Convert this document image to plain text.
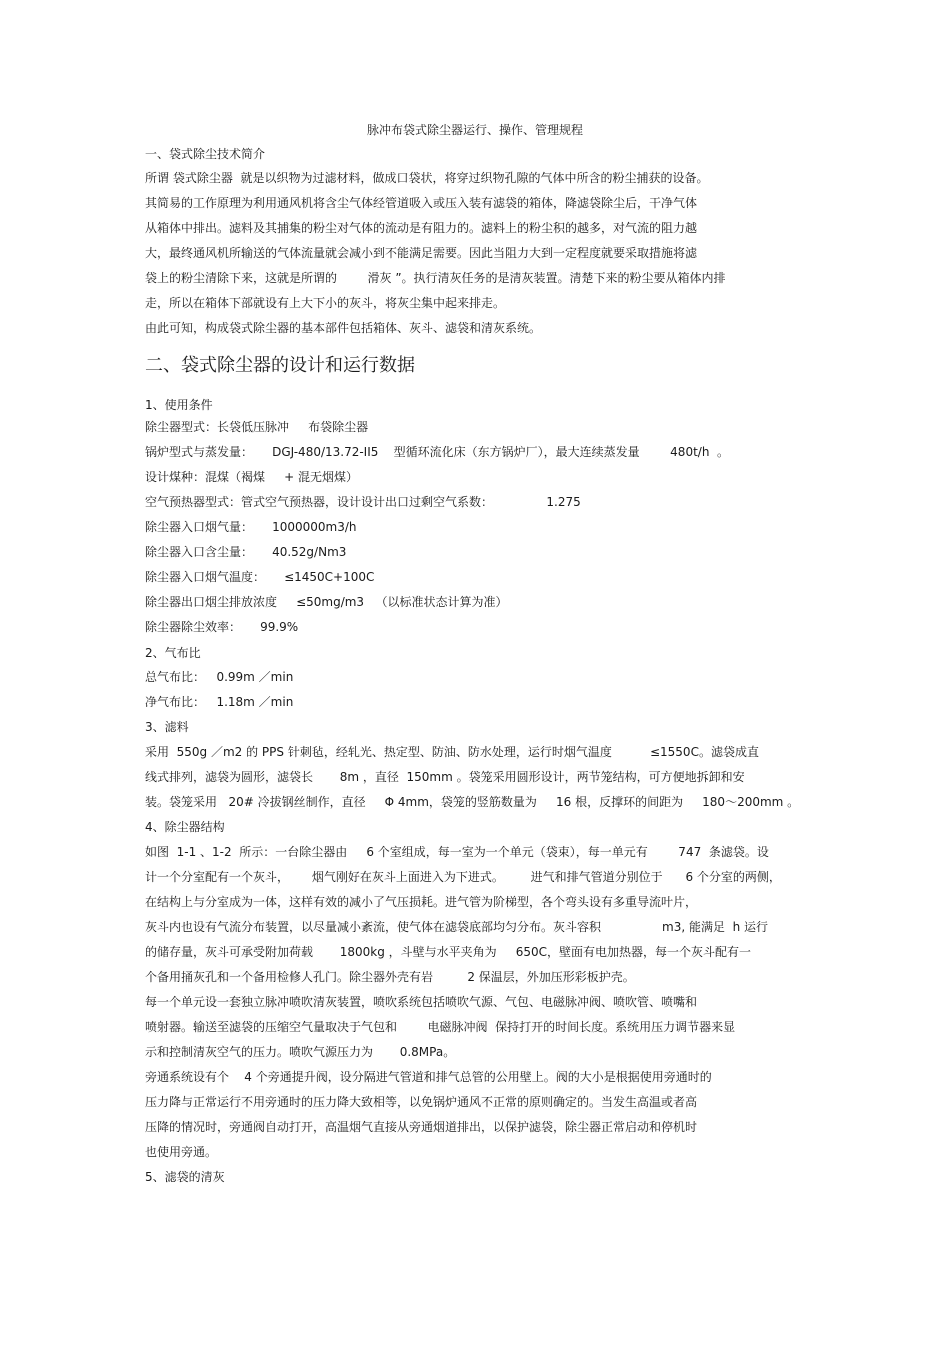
脉冲布袋式除尘器运行、操作、管理规程
一、袋式除尘技术简介
所谓 袋式除尘器  就是以织物为过滤材料，做成口袋状，将穿过织物孔隙的气体中所含的粉尘捕获的设备。
其简易的工作原理为利用通风机将含尘气体经管道吸入或压入装有滤袋的箱体，降滤袋除尘后，干净气体
从箱体中排出。滤料及其捕集的粉尘对气体的流动是有阻力的。滤料上的粉尘积的越多，对气流的阻力越
大，最终通风机所输送的气体流量就会减小到不能满足需要。因此当阻力大到一定程度就要采取措施将滤
袋上的粉尘清除下来，这就是所谓的        滑灰 ”。执行清灰任务的是清灰装置。清楚下来的粉尘要从箱体内排
走，所以在箱体下部就设有上大下小的灰斗，将灰尘集中起来排走。
由此可知，构成袋式除尘器的基本部件包括箱体、灰斗、滤袋和清灰系统。
二、袋式除尘器的设计和运行数据
1、使用条件
除尘器型式：长袋低压脉冲     布袋除尘器
锅炉型式与蒸发量：     DGJ-480/13.72-II5    型循环流化床（东方锅炉厂），最大连续蒸发量        480t/h  。
设计煤种：混煤（褐煤     + 混无烟煤）
空气预热器型式：管式空气预热器，设计设计出口过剩空气系数：              1.275
除尘器入口烟气量：     1000000m3/h
除尘器入口含尘量：     40.52g/Nm3
除尘器入口烟气温度：     ≤1450C+100C
除尘器出口烟尘排放浓度     ≤50mg/m3   （以标准状态计算为准）
除尘器除尘效率：     99.9%
2、气布比
总气布比：   0.99m ／min
净气布比：   1.18m ／min
3、滤料
采用  550g ／m2 的 PPS 针刺毡，经轧光、热定型、防油、防水处理，运行时烟气温度          ≤1550C。滤袋成直
线式排列，滤袋为圆形，滤袋长       8m ，直径  150mm 。袋笼采用圆形设计，两节笼结构，可方便地拆卸和安
装。袋笼采用   20# 冷拔钢丝制作，直径     Φ 4mm，袋笼的竖筋数量为     16 根，反撑环的间距为     180～200mm 。
4、除尘器结构
如图  1-1 、1-2  所示：一台除尘器由     6 个室组成，每一室为一个单元（袋束），每一单元有        747  条滤袋。设
计一个分室配有一个灰斗，      烟气刚好在灰斗上面进入为下进式。       进气和排气管道分别位于      6 个分室的两侧，
在结构上与分室成为一体，这样有效的减小了气压损耗。进气管为阶梯型，各个弯头设有多重导流叶片，
灰斗内也设有气流分布装置，以尽量减小紊流，使气体在滤袋底部均匀分布。灰斗容积                m3, 能满足  h 运行
的储存量，灰斗可承受附加荷载       1800kg ，斗壁与水平夹角为     650C，壁面有电加热器，每一个灰斗配有一
个备用捅灰孔和一个备用检修人孔门。除尘器外壳有岩         2 保温层，外加压形彩板护壳。
每一个单元设一套独立脉冲喷吹清灰装置，喷吹系统包括喷吹气源、气包、电磁脉冲阀、喷吹管、喷嘴和
喷射器。输送至滤袋的压缩空气量取决于气包和        电磁脉冲阀  保持打开的时间长度。系统用压力调节器来显
示和控制清灰空气的压力。喷吹气源压力为       0.8MPa。
旁通系统设有个    4 个旁通提升阀，设分隔进气管道和排气总管的公用壁上。阀的大小是根据使用旁通时的
压力降与正常运行不用旁通时的压力降大致相等，以免锅炉通风不正常的原则确定的。当发生高温或者高
压降的情况时，旁通阀自动打开，高温烟气直接从旁通烟道排出，以保护滤袋，除尘器正常启动和停机时
也使用旁通。
5、滤袋的清灰
